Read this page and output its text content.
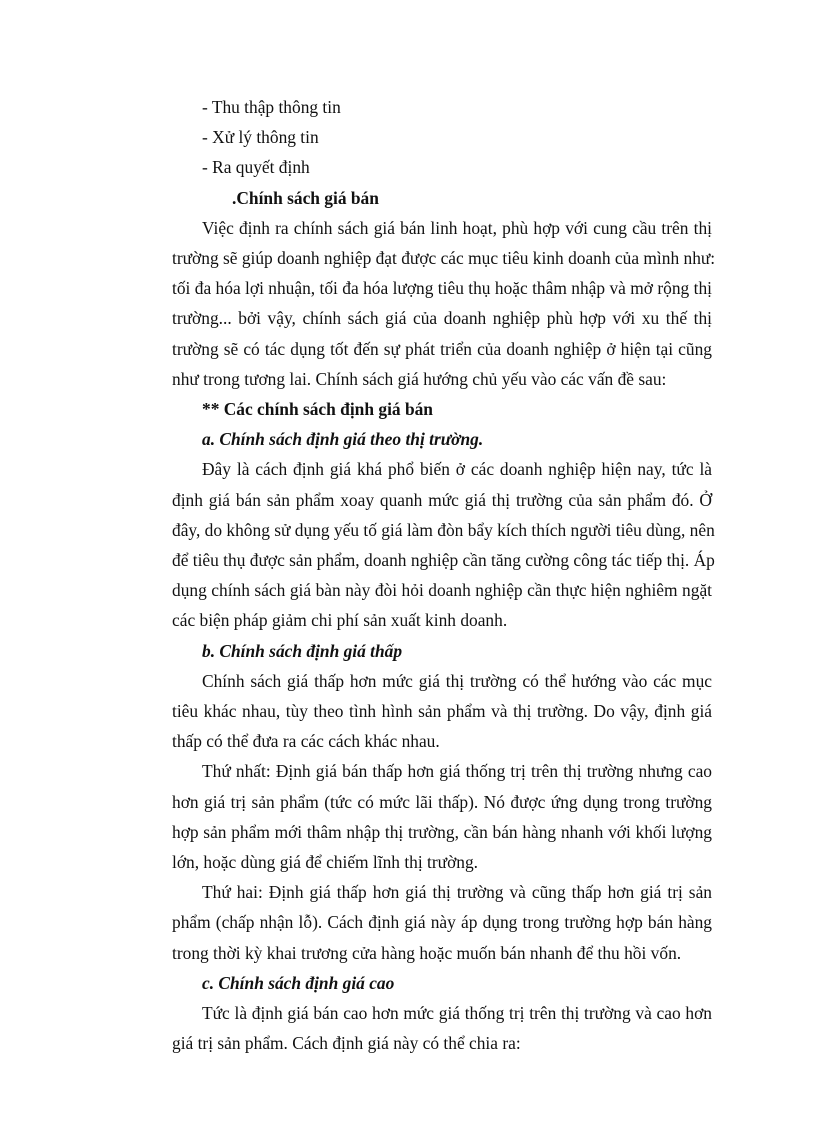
- Thu thập thông tin

- Xử lý thông tin

- Ra quyết định

.Chính sách giá bán

Việc định ra chính sách giá bán linh hoạt, phù hợp với cung cầu trên thị
trường sẽ giúp doanh nghiệp đạt được các mục tiêu kinh doanh của mình như:
tối đa hóa lợi nhuận, tối đa hóa lượng tiêu thụ hoặc thâm nhập và mở rộng thị
trường... bởi vậy, chính sách giá của doanh nghiệp phù hợp với xu thế thị
trường sẽ có tác dụng tốt đến sự phát triển của doanh nghiệp ở hiện tại cũng
như trong tương lai. Chính sách giá hướng chủ yếu vào các vấn đề sau:

** Các chính sách định giá bán

a. Chính sách định giá theo thị trường.

Đây là cách định giá khá phổ biến ở các doanh nghiệp hiện nay, tức là
định giá bán sản phẩm xoay quanh mức giá thị trường của sản phẩm đó. Ở
đây, do không sử dụng yếu tố giá làm đòn bẩy kích thích người tiêu dùng, nên
để tiêu thụ được sản phẩm, doanh nghiệp cần tăng cường công tác tiếp thị. Áp
dụng chính sách giá bàn này đòi hỏi doanh nghiệp cần thực hiện nghiêm ngặt
các biện pháp giảm chi phí sản xuất kinh doanh.

b. Chính sách định giá thấp

Chính sách giá thấp hơn mức giá thị trường có thể hướng vào các mục
tiêu khác nhau, tùy theo tình hình sản phẩm và thị trường. Do vậy, định giá
thấp có thể đưa ra các cách khác nhau.
Thứ nhất: Định giá bán thấp hơn giá thống trị trên thị trường nhưng cao
hơn giá trị sản phẩm (tức có mức lãi thấp). Nó được ứng dụng trong trường
hợp sản phẩm mới thâm nhập thị trường, cần bán hàng nhanh với khối lượng
lớn, hoặc dùng giá để chiếm lĩnh thị trường.
Thứ hai: Định giá thấp hơn giá thị trường và cũng thấp hơn giá trị sản
phẩm (chấp nhận lỗ). Cách định giá này áp dụng trong trường hợp bán hàng
trong thời kỳ khai trương cửa hàng hoặc muốn bán nhanh để thu hồi vốn.

c. Chính sách định giá cao

Tức là định giá bán cao hơn mức giá thống trị trên thị trường và cao hơn
giá trị sản phẩm. Cách định giá này có thể chia ra:
